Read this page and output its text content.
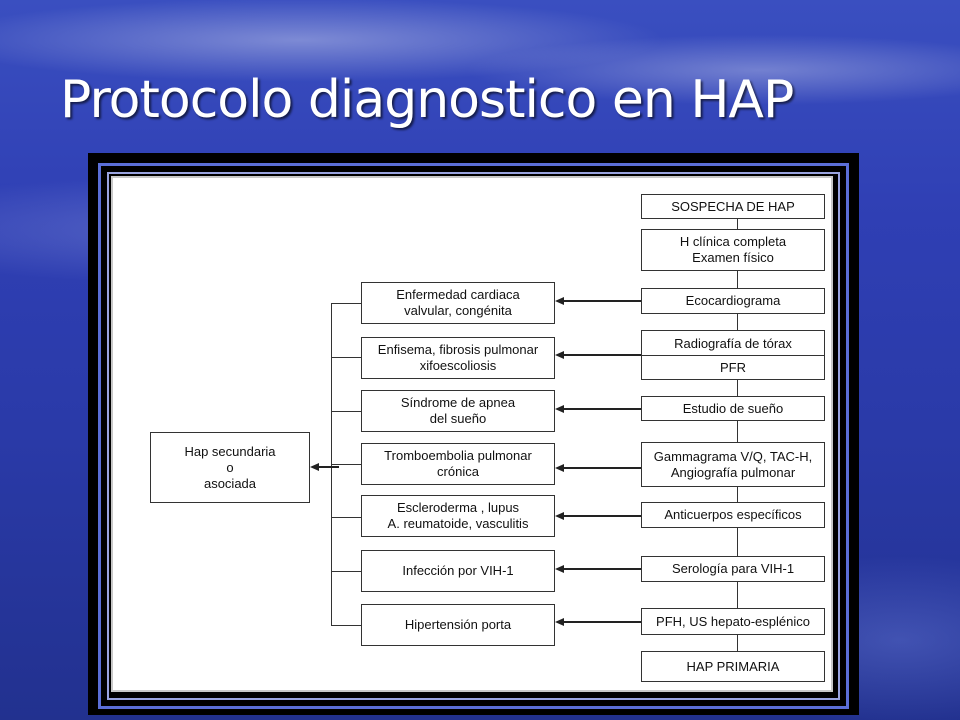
Protocolo diagnostico en HAP
SOSPECHA DE HAP
H clínica completa
Examen físico
Ecocardiograma
Radiografía de tórax
PFR
Estudio de sueño
Gammagrama V/Q, TAC-H,
Angiografía pulmonar
Anticuerpos específicos
Serología para VIH-1
PFH, US hepato-esplénico
HAP PRIMARIA
Enfermedad cardiaca
valvular, congénita
Enfisema, fibrosis pulmonar
xifoescoliosis
Síndrome de apnea
del sueño
Tromboembolia pulmonar
crónica
Escleroderma , lupus
A. reumatoide, vasculitis
Infección por VIH-1
Hipertensión porta
Hap secundaria
o
asociada
